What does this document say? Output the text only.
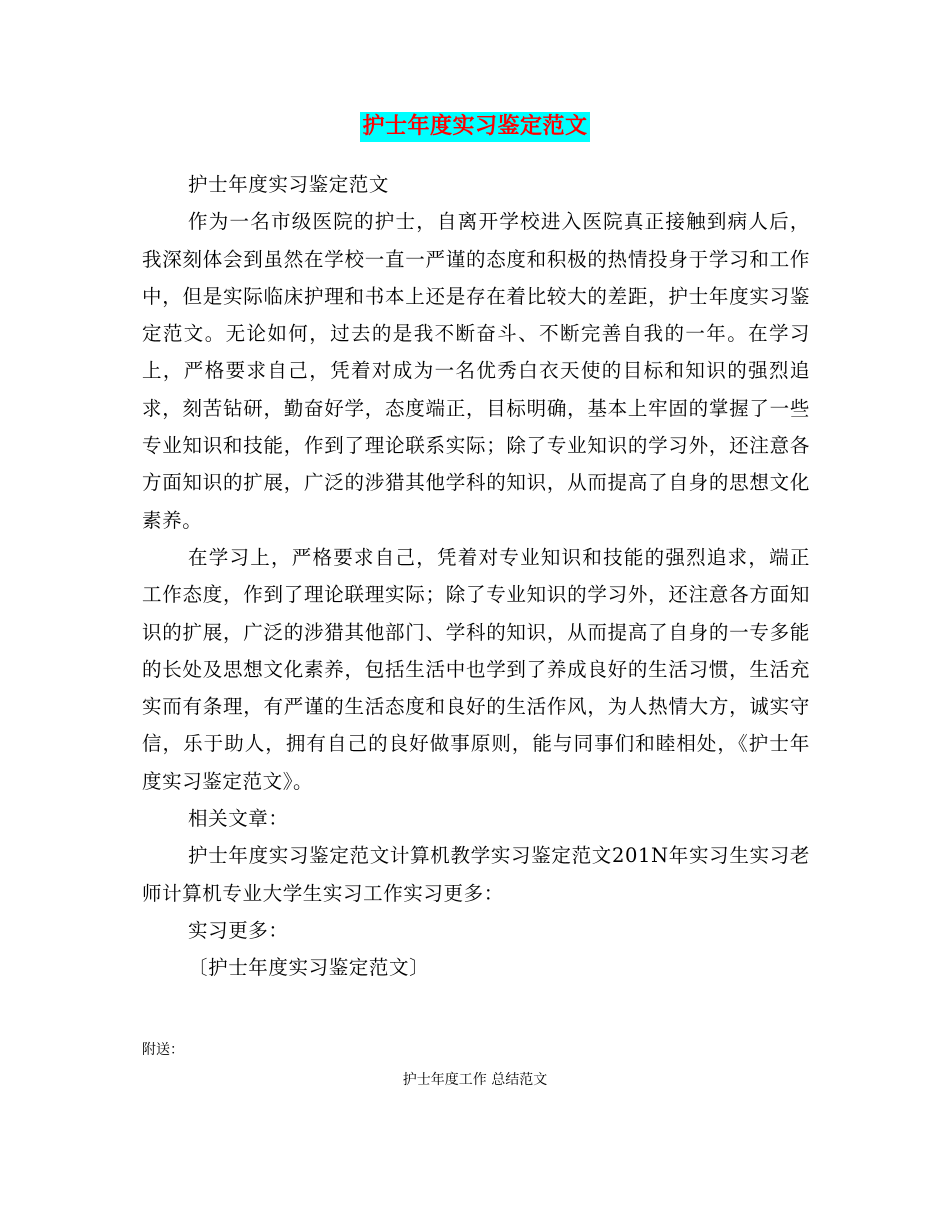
护士年度实习鉴定范文

护士年度实习鉴定范文

作为一名市级医院的护士，自离开学校进入医院真正接触到病人后，我深刻体会到虽然在学校一直一严谨的态度和积极的热情投身于学习和工作中，但是实际临床护理和书本上还是存在着比较大的差距，护士年度实习鉴定范文。无论如何，过去的是我不断奋斗、不断完善自我的一年。在学习上，严格要求自己，凭着对成为一名优秀白衣天使的目标和知识的强烈追求，刻苦钻研，勤奋好学，态度端正，目标明确，基本上牢固的掌握了一些专业知识和技能，作到了理论联系实际；除了专业知识的学习外，还注意各方面知识的扩展，广泛的涉猎其他学科的知识，从而提高了自身的思想文化素养。

在学习上，严格要求自己，凭着对专业知识和技能的强烈追求，端正工作态度，作到了理论联理实际；除了专业知识的学习外，还注意各方面知识的扩展，广泛的涉猎其他部门、学科的知识，从而提高了自身的一专多能的长处及思想文化素养，包括生活中也学到了养成良好的生活习惯，生活充实而有条理，有严谨的生活态度和良好的生活作风，为人热情大方，诚实守信，乐于助人，拥有自己的良好做事原则，能与同事们和睦相处，《护士年度实习鉴定范文》。

相关文章：

护士年度实习鉴定范文计算机教学实习鉴定范文201N年实习生实习老师计算机专业大学生实习工作实习更多：

实习更多：

〔护士年度实习鉴定范文〕

附送：
护士年度工作 总结范文
